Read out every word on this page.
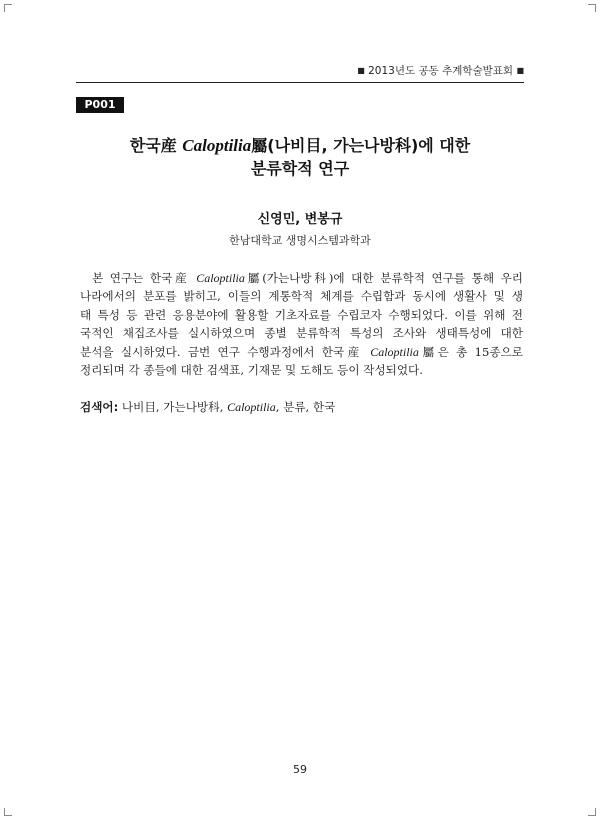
■ 2013년도 공동 추계학술발표회 ■
P001
한국産 Caloptilia屬(나비目, 가는나방科)에 대한
분류학적 연구
신영민, 변봉규
한남대학교 생명시스템과학과
본 연구는 한국産 Caloptilia屬(가는나방科)에 대한 분류학적 연구를 통해 우리
나라에서의 분포를 밝히고, 이들의 계통학적 체계를 수립함과 동시에 생활사 및 생
태 특성 등 관련 응용분야에 활용할 기초자료를 수립코자 수행되었다. 이를 위해 전
국적인 채집조사를 실시하였으며 종별 분류학적 특성의 조사와 생태특성에 대한
분석을 실시하였다. 금번 연구 수행과정에서 한국産 Caloptilia屬은 총 15종으로
정리되며 각 종들에 대한 검색표, 기재문 및 도해도 등이 작성되었다.
검색어: 나비目, 가는나방科, Caloptilia, 분류, 한국
59
